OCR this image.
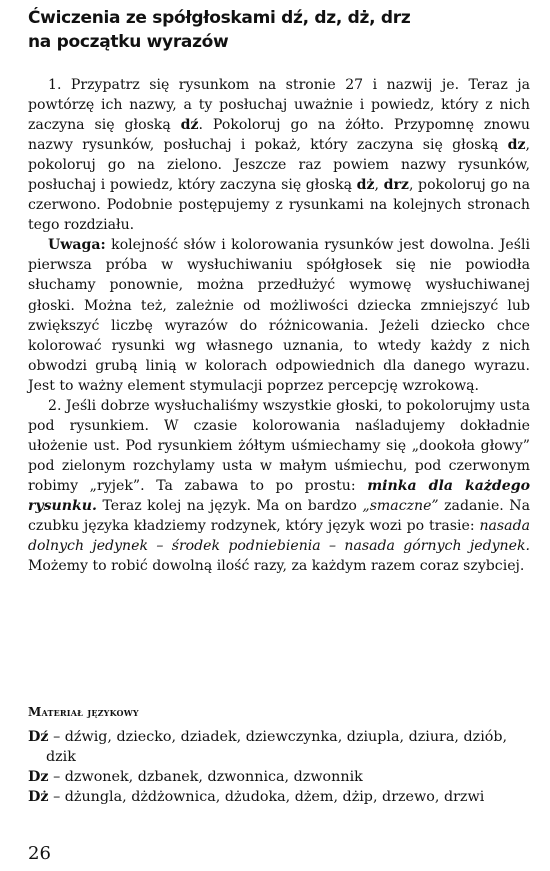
Ćwiczenia ze spółgłoskami dź, dz, dż, drz
na początku wyrazów

1. Przypatrz się rysunkom na stronie 27 i nazwij je. Teraz ja powtórzę ich nazwy, a ty posłuchaj uważnie i powiedz, który z nich zaczyna się głoską dź. Pokoloruj go na żółto. Przypomnę znowu nazwy rysunków, posłuchaj i pokaż, który zaczyna się głoską dz, pokoloruj go na zielono. Jeszcze raz powiem nazwy rysunków, posłuchaj i powiedz, który zaczyna się głoską dż, drz, pokoloruj go na czerwono. Podobnie postępujemy z rysunkami na kolejnych stronach tego rozdziału.

Uwaga: kolejność słów i kolorowania rysunków jest dowolna. Jeśli pierwsza próba w wysłuchiwaniu spółgłosek się nie powiodła słuchamy ponownie, można przedłużyć wymowę wysłuchiwanej głoski. Można też, zależnie od możliwości dziecka zmniejszyć lub zwiększyć liczbę wyrazów do różnicowania. Jeżeli dziecko chce kolorować rysunki wg własnego uznania, to wtedy każdy z nich obwodzi grubą linią w kolorach odpowiednich dla danego wyrazu. Jest to ważny element stymulacji poprzez percepcję wzrokową.

2. Jeśli dobrze wysłuchaliśmy wszystkie głoski, to pokolorujmy usta pod rysunkiem. W czasie kolorowania naśladujemy dokładnie ułożenie ust. Pod rysunkiem żółtym uśmiechamy się „dookoła głowy” pod zielonym rozchylamy usta w małym uśmiechu, pod czerwonym robimy „ryjek”. Ta zabawa to po prostu: minka dla każdego rysunku. Teraz kolej na język. Ma on bardzo „smaczne” zadanie. Na czubku języka kładziemy rodzynek, który język wozi po trasie: nasada dolnych jedynek – środek podniebienia – nasada górnych jedynek. Możemy to robić dowolną ilość razy, za każdym razem coraz szybciej.

Materiał językowy
Dź – dźwig, dziecko, dziadek, dziewczynka, dziupla, dziura, dziób,
dzik
Dz – dzwonek, dzbanek, dzwonnica, dzwonnik
Dż – dżungla, dżdżownica, dżudoka, dżem, dżip, drzewo, drzwi
26
